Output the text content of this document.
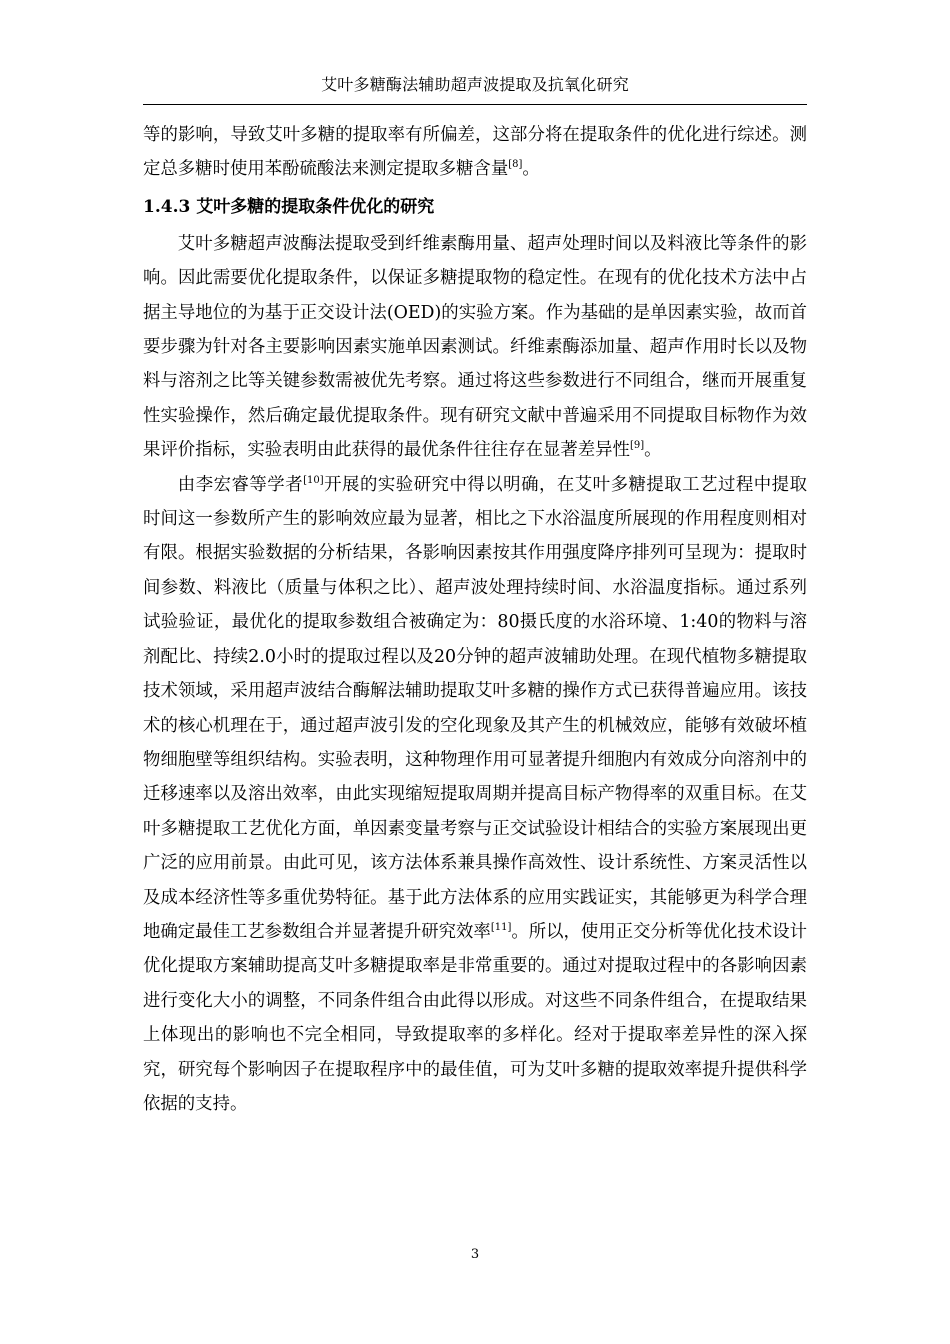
艾叶多糖酶法辅助超声波提取及抗氧化研究

等的影响，导致艾叶多糖的提取率有所偏差，这部分将在提取条件的优化进行综述。测定总多糖时使用苯酚硫酸法来测定提取多糖含量[8]。

1.4.3 艾叶多糖的提取条件优化的研究

艾叶多糖超声波酶法提取受到纤维素酶用量、超声处理时间以及料液比等条件的影响。因此需要优化提取条件，以保证多糖提取物的稳定性。在现有的优化技术方法中占据主导地位的为基于正交设计法(OED)的实验方案。作为基础的是单因素实验，故而首要步骤为针对各主要影响因素实施单因素测试。纤维素酶添加量、超声作用时长以及物料与溶剂之比等关键参数需被优先考察。通过将这些参数进行不同组合，继而开展重复性实验操作，然后确定最优提取条件。现有研究文献中普遍采用不同提取目标物作为效果评价指标，实验表明由此获得的最优条件往往存在显著差异性[9]。

由李宏睿等学者[10]开展的实验研究中得以明确，在艾叶多糖提取工艺过程中提取时间这一参数所产生的影响效应最为显著，相比之下水浴温度所展现的作用程度则相对有限。根据实验数据的分析结果，各影响因素按其作用强度降序排列可呈现为：提取时间参数、料液比（质量与体积之比）、超声波处理持续时间、水浴温度指标。通过系列试验验证，最优化的提取参数组合被确定为：80摄氏度的水浴环境、1:40的物料与溶剂配比、持续2.0小时的提取过程以及20分钟的超声波辅助处理。在现代植物多糖提取技术领域，采用超声波结合酶解法辅助提取艾叶多糖的操作方式已获得普遍应用。该技术的核心机理在于，通过超声波引发的空化现象及其产生的机械效应，能够有效破坏植物细胞壁等组织结构。实验表明，这种物理作用可显著提升细胞内有效成分向溶剂中的迁移速率以及溶出效率，由此实现缩短提取周期并提高目标产物得率的双重目标。在艾叶多糖提取工艺优化方面，单因素变量考察与正交试验设计相结合的实验方案展现出更广泛的应用前景。由此可见，该方法体系兼具操作高效性、设计系统性、方案灵活性以及成本经济性等多重优势特征。基于此方法体系的应用实践证实，其能够更为科学合理地确定最佳工艺参数组合并显著提升研究效率[11]。所以，使用正交分析等优化技术设计优化提取方案辅助提高艾叶多糖提取率是非常重要的。通过对提取过程中的各影响因素进行变化大小的调整，不同条件组合由此得以形成。对这些不同条件组合，在提取结果上体现出的影响也不完全相同，导致提取率的多样化。经对于提取率差异性的深入探究，研究每个影响因子在提取程序中的最佳值，可为艾叶多糖的提取效率提升提供科学依据的支持。

3
